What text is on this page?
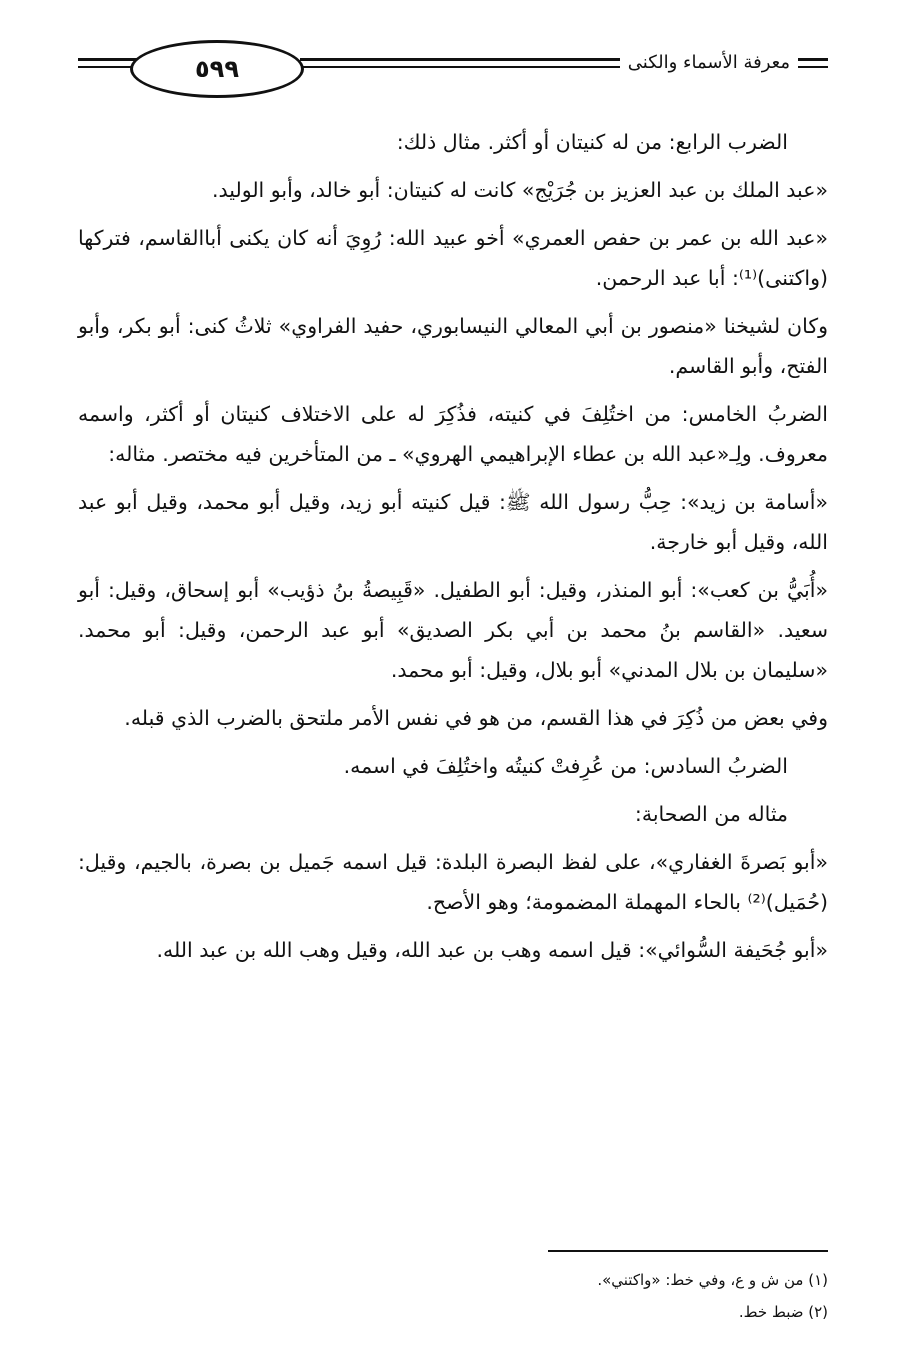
٥٩٩	معرفة الأسماء والكنى

الضرب الرابع: من له كنيتان أو أكثر. مثال ذلك:

«عبد الملك بن عبد العزيز بن جُرَيْج» كانت له كنيتان: أبو خالد، وأبو الوليد.

«عبد الله بن عمر بن حفص العمري» أخو عبيد الله: رُوِيَ أنه كان يكنى أباالقاسم، فتركها (واكتنى)⁽¹⁾: أبا عبد الرحمن.

وكان لشيخنا «منصور بن أبي المعالي النيسابوري، حفيد الفراوي» ثلاثُ كنى: أبو بكر، وأبو الفتح، وأبو القاسم.

الضربُ الخامس: من اختُلِفَ في كنيته، فذُكِرَ له على الاختلاف كنيتان أو أكثر، واسمه معروف. ولِـ«عبد الله بن عطاء الإبراهيمي الهروي» ـ من المتأخرين فيه مختصر. مثاله:

«أسامة بن زيد»: حِبُّ رسول الله ﷺ: قيل كنيته أبو زيد، وقيل أبو محمد، وقيل أبو عبد الله، وقيل أبو خارجة.

«أُبَيُّ بن كعب»: أبو المنذر، وقيل: أبو الطفيل. «قَبِيصةُ بنُ ذؤيب» أبو إسحاق، وقيل: أبو سعيد. «القاسم بنُ محمد بن أبي بكر الصديق» أبو عبد الرحمن، وقيل: أبو محمد. «سليمان بن بلال المدني» أبو بلال، وقيل: أبو محمد.

وفي بعض من ذُكِرَ في هذا القسم، من هو في نفس الأمر ملتحق بالضرب الذي قبله.

الضربُ السادس: من عُرِفتْ كنيتُه واختُلِفَ في اسمه.

مثاله من الصحابة:

«أبو بَصرةَ الغفاري»، على لفظ البصرة البلدة: قيل اسمه جَميل بن بصرة، بالجيم، وقيل: (حُمَيل)⁽²⁾ بالحاء المهملة المضمومة؛ وهو الأصح.

«أبو جُحَيفة السُّوائي»: قيل اسمه وهب بن عبد الله، وقيل وهب الله بن عبد الله.

(١) من ش و ع، وفي خط: «واكتني».
(٢) ضبط خط.
